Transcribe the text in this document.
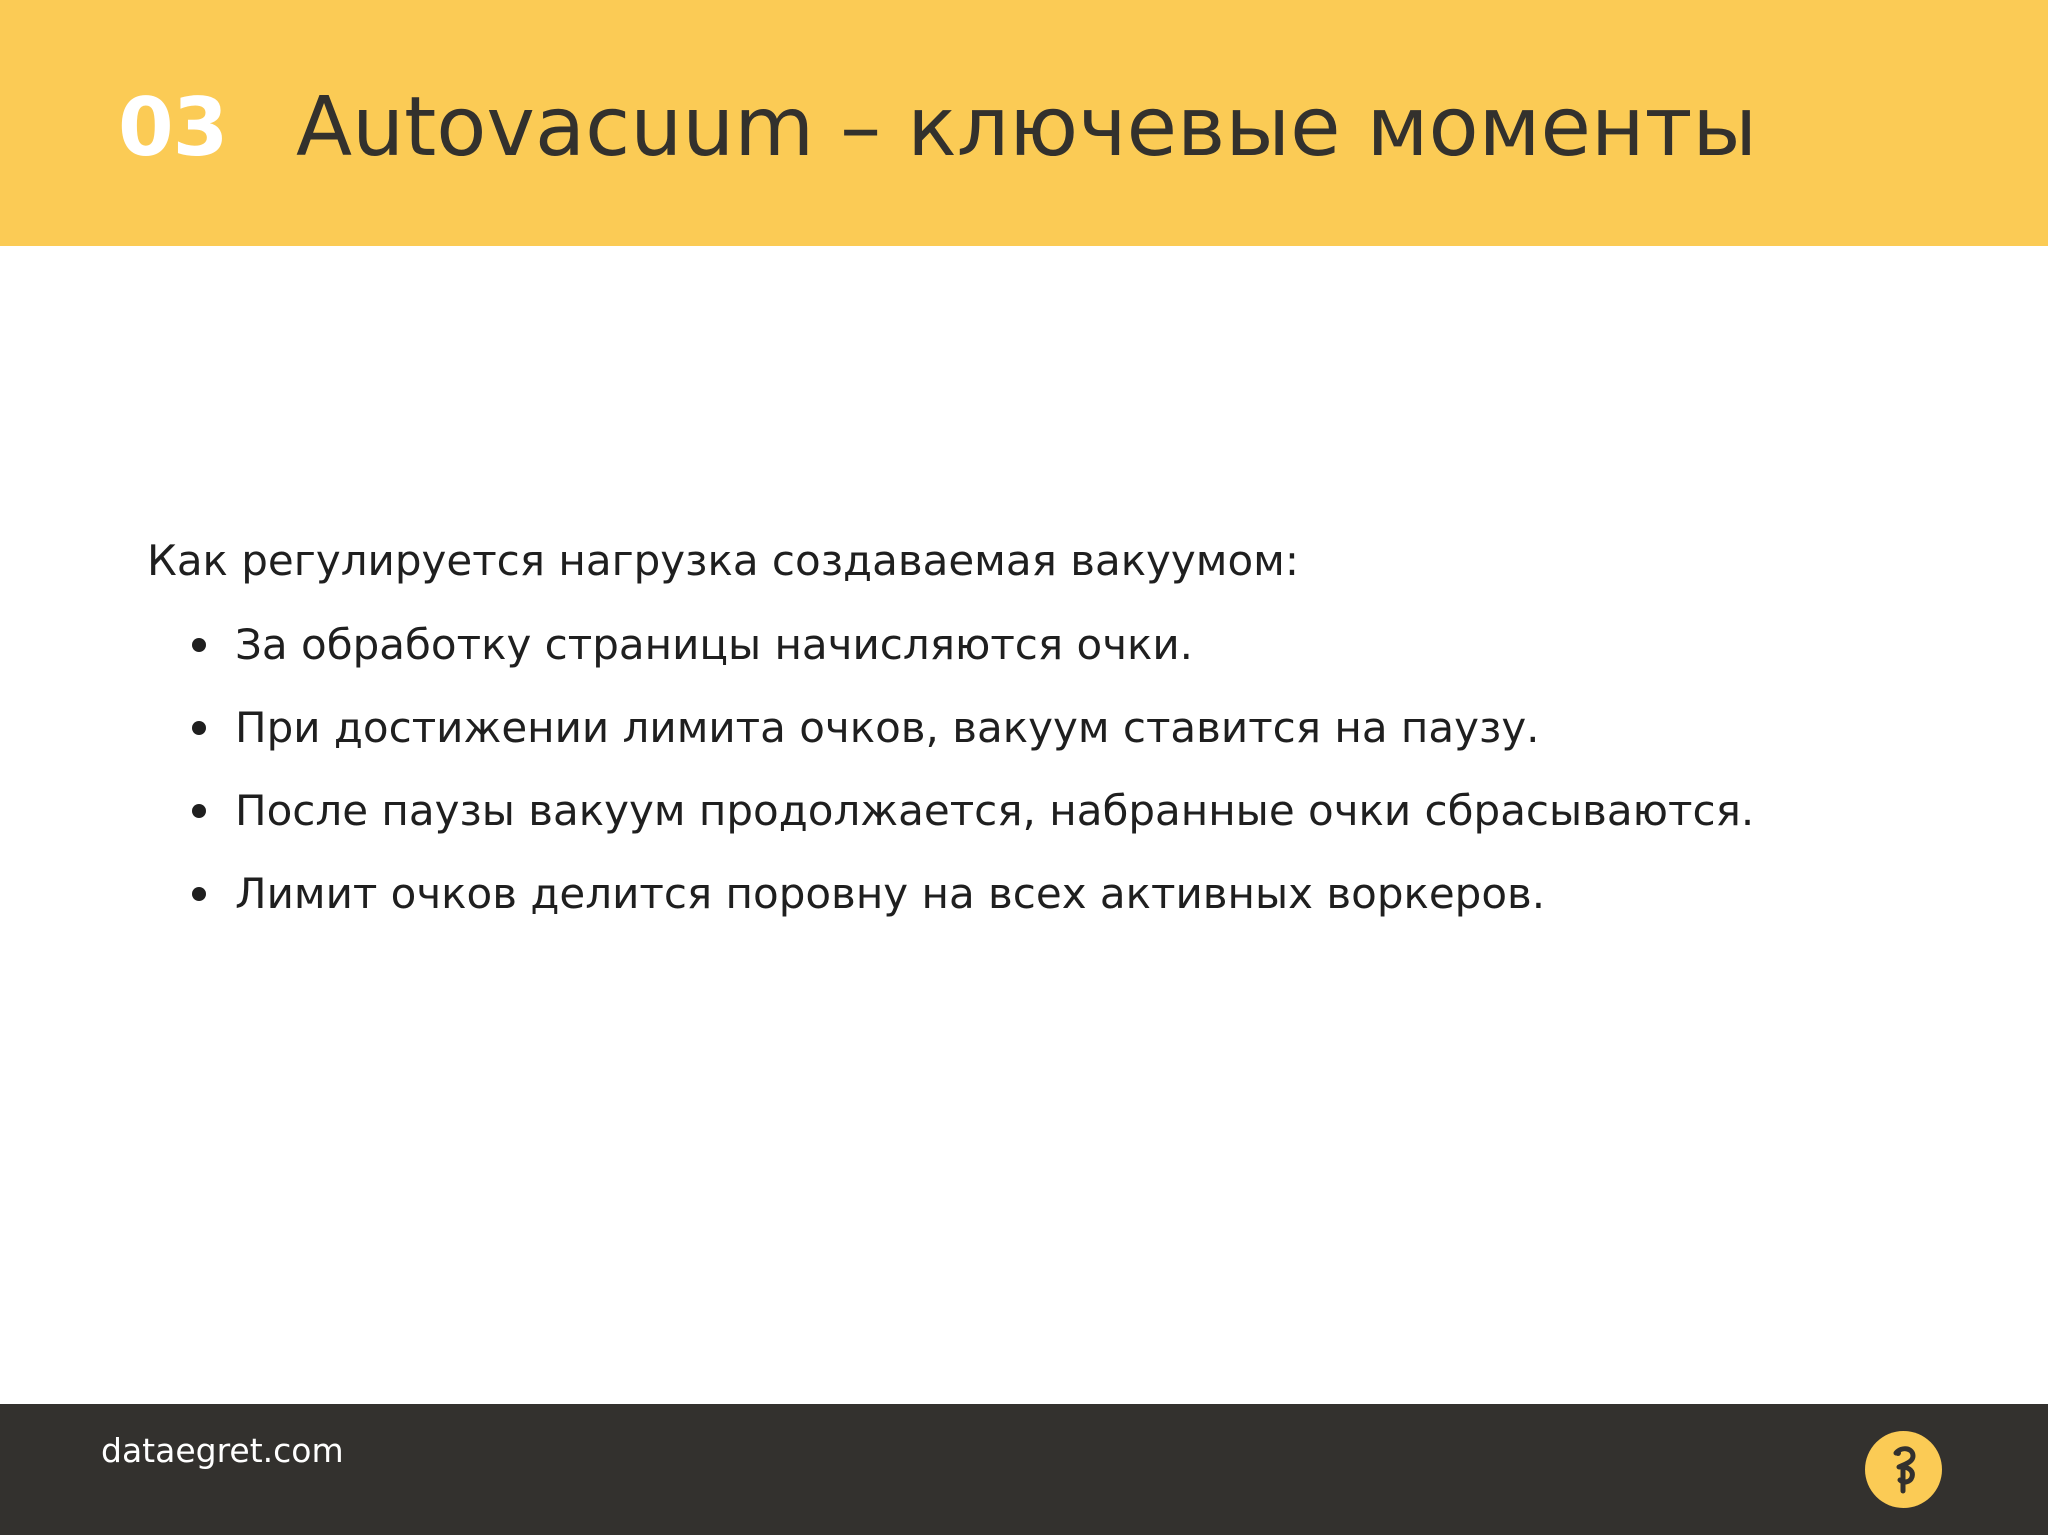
03 Autovacuum – ключевые моменты
Как регулируется нагрузка создаваемая вакуумом:
За обработку страницы начисляются очки.
При достижении лимита очков, вакуум ставится на паузу.
После паузы вакуум продолжается, набранные очки сбрасываются.
Лимит очков делится поровну на всех активных воркеров.
dataegret.com
